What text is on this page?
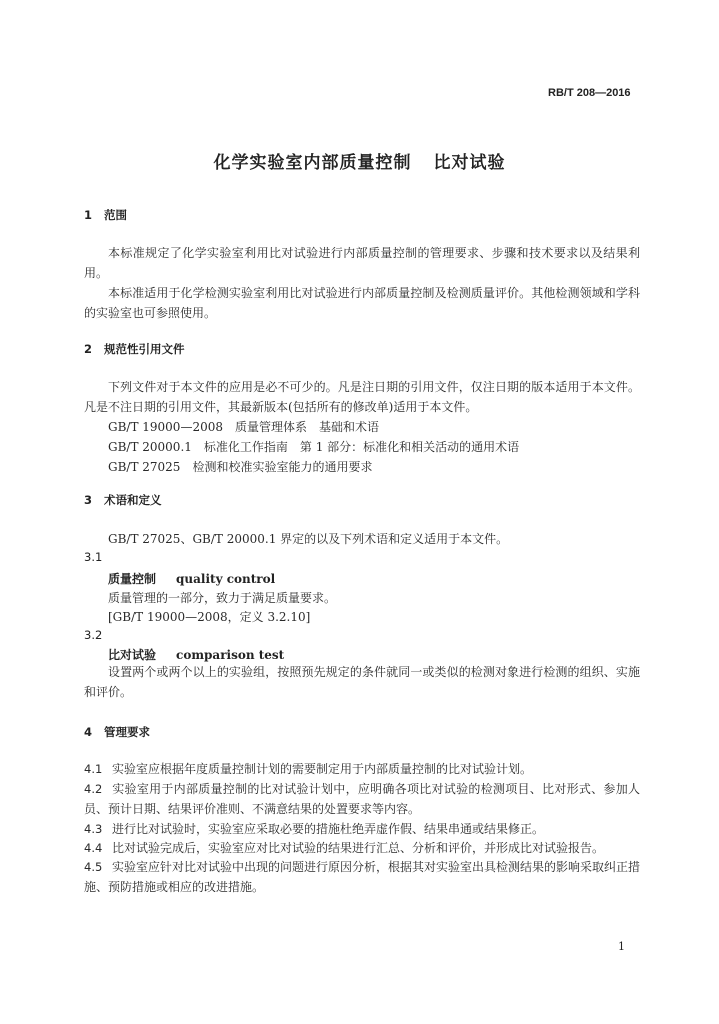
RB/T 208—2016
化学实验室内部质量控制 比对试验
1 范围
本标准规定了化学实验室利用比对试验进行内部质量控制的管理要求、步骤和技术要求以及结果利用。
本标准适用于化学检测实验室利用比对试验进行内部质量控制及检测质量评价。其他检测领域和学科的实验室也可参照使用。
2 规范性引用文件
下列文件对于本文件的应用是必不可少的。凡是注日期的引用文件，仅注日期的版本适用于本文件。凡是不注日期的引用文件，其最新版本(包括所有的修改单)适用于本文件。
GB/T 19000—2008　质量管理体系　基础和术语
GB/T 20000.1　标准化工作指南　第 1 部分：标准化和相关活动的通用术语
GB/T 27025　检测和校准实验室能力的通用要求
3 术语和定义
GB/T 27025、GB/T 20000.1 界定的以及下列术语和定义适用于本文件。
3.1
质量控制 quality control
质量管理的一部分，致力于满足质量要求。
[GB/T 19000—2008，定义 3.2.10]
3.2
比对试验 comparison test
设置两个或两个以上的实验组，按照预先规定的条件就同一或类似的检测对象进行检测的组织、实施和评价。
4 管理要求
4.1 实验室应根据年度质量控制计划的需要制定用于内部质量控制的比对试验计划。
4.2 实验室用于内部质量控制的比对试验计划中，应明确各项比对试验的检测项目、比对形式、参加人员、预计日期、结果评价准则、不满意结果的处置要求等内容。
4.3 进行比对试验时，实验室应采取必要的措施杜绝弄虚作假、结果串通或结果修正。
4.4 比对试验完成后，实验室应对比对试验的结果进行汇总、分析和评价，并形成比对试验报告。
4.5 实验室应针对比对试验中出现的问题进行原因分析，根据其对实验室出具检测结果的影响采取纠正措施、预防措施或相应的改进措施。
1
